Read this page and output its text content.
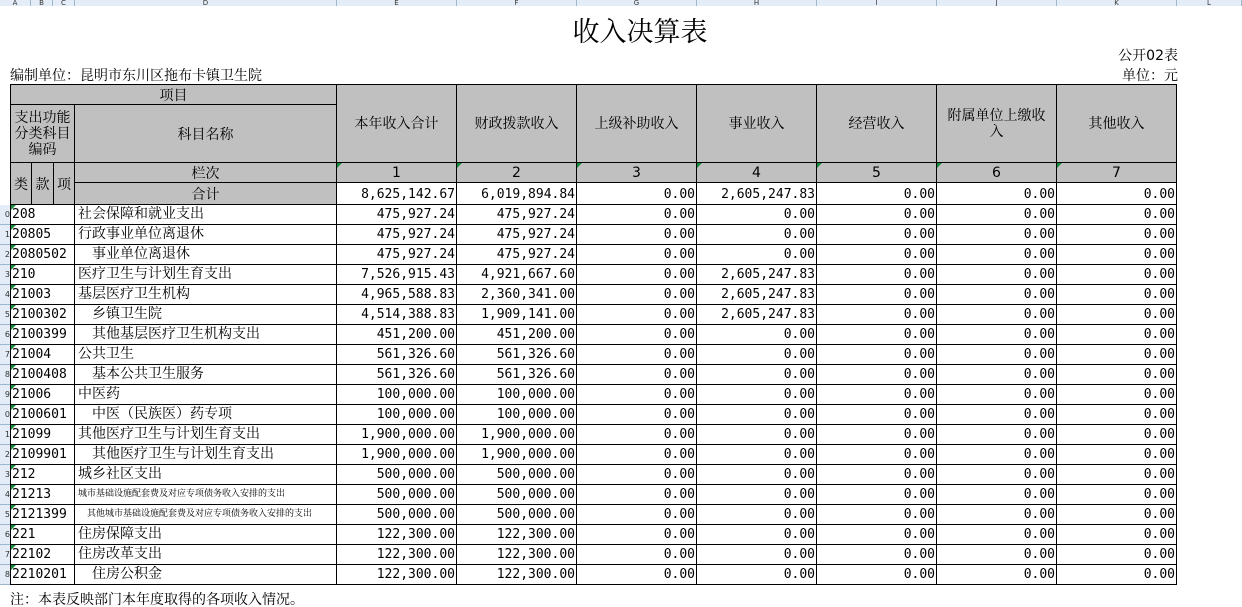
A	B	C	D	E	F	G	H	I	J	K	L
收入决算表
公开02表
单位：元
编制单位：昆明市东川区拖布卡镇卫生院
项目
支出功能分类科目编码
科目名称
本年收入合计	财政拨款收入	上级补助收入	事业收入	经营收入	附属单位上缴收入	其他收入
类 款 项
栏次	1	2	3	4	5	6	7
合计	8,625,142.67	6,019,894.84	0.00	2,605,247.83	0.00	0.00	0.00
0 208	社会保障和就业支出	475,927.24	475,927.24	0.00	0.00	0.00	0.00	0.00
1 20805	行政事业单位离退休	475,927.24	475,927.24	0.00	0.00	0.00	0.00	0.00
2 2080502 　事业单位离退休	475,927.24	475,927.24	0.00	0.00	0.00	0.00	0.00
3 210	医疗卫生与计划生育支出	7,526,915.43	4,921,667.60	0.00	2,605,247.83	0.00	0.00	0.00
4 21003	基层医疗卫生机构	4,965,588.83	2,360,341.00	0.00	2,605,247.83	0.00	0.00	0.00
5 2100302 　乡镇卫生院	4,514,388.83	1,909,141.00	0.00	2,605,247.83	0.00	0.00	0.00
6 2100399 　其他基层医疗卫生机构支出	451,200.00	451,200.00	0.00	0.00	0.00	0.00	0.00
7 21004	公共卫生	561,326.60	561,326.60	0.00	0.00	0.00	0.00	0.00
8 2100408 　基本公共卫生服务	561,326.60	561,326.60	0.00	0.00	0.00	0.00	0.00
9 21006	中医药	100,000.00	100,000.00	0.00	0.00	0.00	0.00	0.00
0 2100601 　中医（民族医）药专项	100,000.00	100,000.00	0.00	0.00	0.00	0.00	0.00
1 21099	其他医疗卫生与计划生育支出	1,900,000.00	1,900,000.00	0.00	0.00	0.00	0.00	0.00
2 2109901 　其他医疗卫生与计划生育支出	1,900,000.00	1,900,000.00	0.00	0.00	0.00	0.00	0.00
3 212	城乡社区支出	500,000.00	500,000.00	0.00	0.00	0.00	0.00	0.00
4 21213	城市基础设施配套费及对应专项债务收入安排的支出	500,000.00	500,000.00	0.00	0.00	0.00	0.00	0.00
5 2121399	　其他城市基础设施配套费及对应专项债务收入安排的支出	500,000.00	500,000.00	0.00	0.00	0.00	0.00	0.00
6 221	住房保障支出	122,300.00	122,300.00	0.00	0.00	0.00	0.00	0.00
7 22102	住房改革支出	122,300.00	122,300.00	0.00	0.00	0.00	0.00	0.00
8 2210201 　住房公积金	122,300.00	122,300.00	0.00	0.00	0.00	0.00	0.00
注：本表反映部门本年度取得的各项收入情况。
